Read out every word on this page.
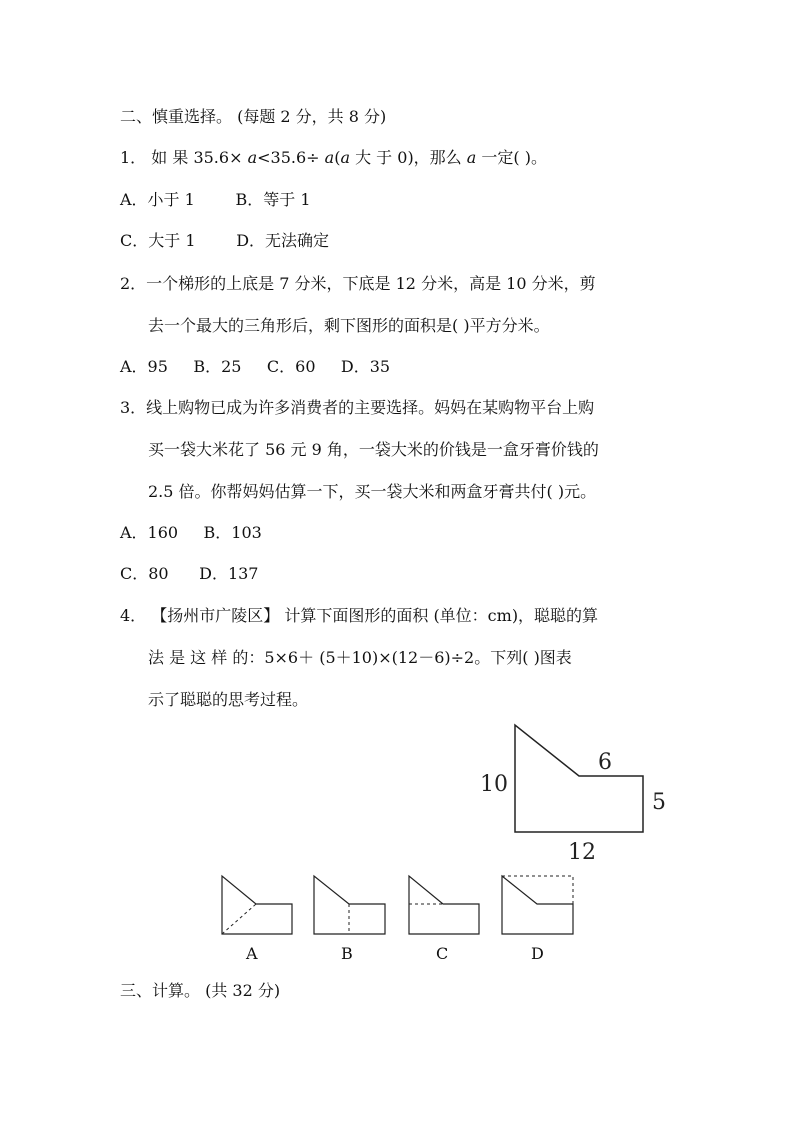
二、慎重选择。 (每题 2 分，共 8 分)
1． 如 果 35.6× a<35.6÷ a(a 大 于 0)，那么 a 一定( )。
A．小于 1        B．等于 1
C．大于 1        D．无法确定
2．一个梯形的上底是 7 分米，下底是 12 分米，高是 10 分米，剪
去一个最大的三角形后，剩下图形的面积是( )平方分米。
A．95     B．25     C．60     D．35
3．线上购物已成为许多消费者的主要选择。妈妈在某购物平台上购
买一袋大米花了 56 元 9 角，一袋大米的价钱是一盒牙膏价钱的
2.5 倍。你帮妈妈估算一下，买一袋大米和两盒牙膏共付( )元。
A．160     B．103
C．80      D．137
4． 【扬州市广陵区】 计算下面图形的面积 (单位：cm)，聪聪的算
法 是 这 样 的：5×6＋ (5＋10)×(12－6)÷2。下列( )图表
示了聪聪的思考过程。
10
6
5
12
A	B	C	D
三、计算。 (共 32 分)
